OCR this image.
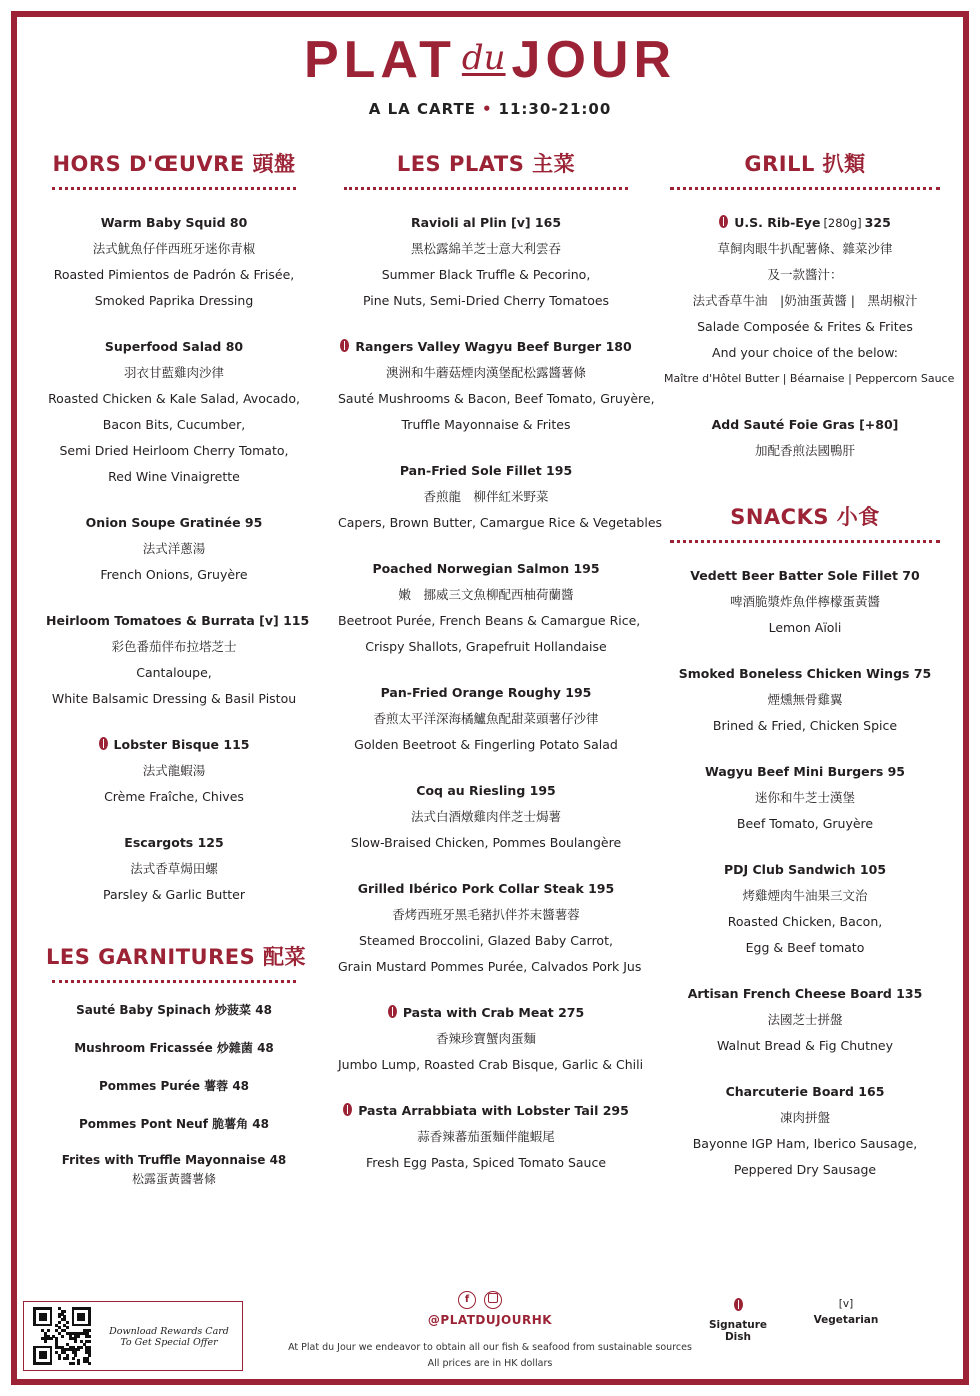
PLAT du JOUR
A LA CARTE • 11:30-21:00
HORS D'ŒUVRE 頭盤
Warm Baby Squid 80
法式魷魚仔伴西班牙迷你青椒
Roasted Pimientos de Padrón & Frisée,
Smoked Paprika Dressing
Superfood Salad 80
羽衣甘藍雞肉沙律
Roasted Chicken & Kale Salad, Avocado,
Bacon Bits, Cucumber,
Semi Dried Heirloom Cherry Tomato,
Red Wine Vinaigrette
Onion Soupe Gratinée 95
法式洋蔥湯
French Onions, Gruyère
Heirloom Tomatoes & Burrata [v] 115
彩色番茄伴布拉塔芝士
Cantaloupe,
White Balsamic Dressing & Basil Pistou
Lobster Bisque 115
法式龍蝦湯
Crème Fraîche, Chives
Escargots 125
法式香草焗田螺
Parsley & Garlic Butter
LES GARNITURES 配菜
Sauté Baby Spinach 炒菠菜 48
Mushroom Fricassée 炒雜菌 48
Pommes Purée 薯蓉 48
Pommes Pont Neuf 脆薯角 48
Frites with Truffle Mayonnaise 48
松露蛋黃醬薯條
LES PLATS 主菜
Ravioli al Plin [v] 165
黑松露綿羊芝士意大利雲吞
Summer Black Truffle & Pecorino,
Pine Nuts, Semi-Dried Cherry Tomatoes
Rangers Valley Wagyu Beef Burger 180
澳洲和牛蘑菇煙肉漢堡配松露醬薯條
Sauté Mushrooms & Bacon, Beef Tomato, Gruyère,
Truffle Mayonnaise & Frites
Pan-Fried Sole Fillet 195
香煎龍　柳伴紅米野菜
Capers, Brown Butter, Camargue Rice & Vegetables
Poached Norwegian Salmon 195
嫩　挪威三文魚柳配西柚荷蘭醬
Beetroot Purée, French Beans & Camargue Rice,
Crispy Shallots, Grapefruit Hollandaise
Pan-Fried Orange Roughy 195
香煎太平洋深海橘鱸魚配甜菜頭薯仔沙律
Golden Beetroot & Fingerling Potato Salad
Coq au Riesling 195
法式白酒燉雞肉伴芝士焗薯
Slow-Braised Chicken, Pommes Boulangère
Grilled Ibérico Pork Collar Steak 195
香烤西班牙黑毛豬扒伴芥末醬薯蓉
Steamed Broccolini, Glazed Baby Carrot,
Grain Mustard Pommes Purée, Calvados Pork Jus
Pasta with Crab Meat 275
香辣珍寶蟹肉蛋麵
Jumbo Lump, Roasted Crab Bisque, Garlic & Chili
Pasta Arrabbiata with Lobster Tail 295
蒜香辣蕃茄蛋麵伴龍蝦尾
Fresh Egg Pasta, Spiced Tomato Sauce
GRILL 扒類
U.S. Rib-Eye [280g] 325
草飼肉眼牛扒配薯條、雜菜沙律
及一款醬汁：
法式香草牛油　|奶油蛋黃醬 |　黑胡椒汁
Salade Composée & Frites & Frites
And your choice of the below:
Maître d'Hôtel Butter | Béarnaise | Peppercorn Sauce
Add Sauté Foie Gras [+80]
加配香煎法國鴨肝
SNACKS 小食
Vedett Beer Batter Sole Fillet 70
啤酒脆漿炸魚伴檸檬蛋黃醬
Lemon Aïoli
Smoked Boneless Chicken Wings 75
煙燻無骨雞翼
Brined & Fried, Chicken Spice
Wagyu Beef Mini Burgers 95
迷你和牛芝士漢堡
Beef Tomato, Gruyère
PDJ Club Sandwich 105
烤雞煙肉牛油果三文治
Roasted Chicken, Bacon,
Egg & Beef tomato
Artisan French Cheese Board 135
法國芝士拼盤
Walnut Bread & Fig Chutney
Charcuterie Board 165
凍肉拼盤
Bayonne IGP Ham, Iberico Sausage,
Peppered Dry Sausage
Download Rewards Card
To Get Special Offer
f
@PLATDUJOURHK
At Plat du Jour we endeavor to obtain all our fish & seafood from sustainable sources
All prices are in HK dollars
Signature Dish
[v]
Vegetarian
